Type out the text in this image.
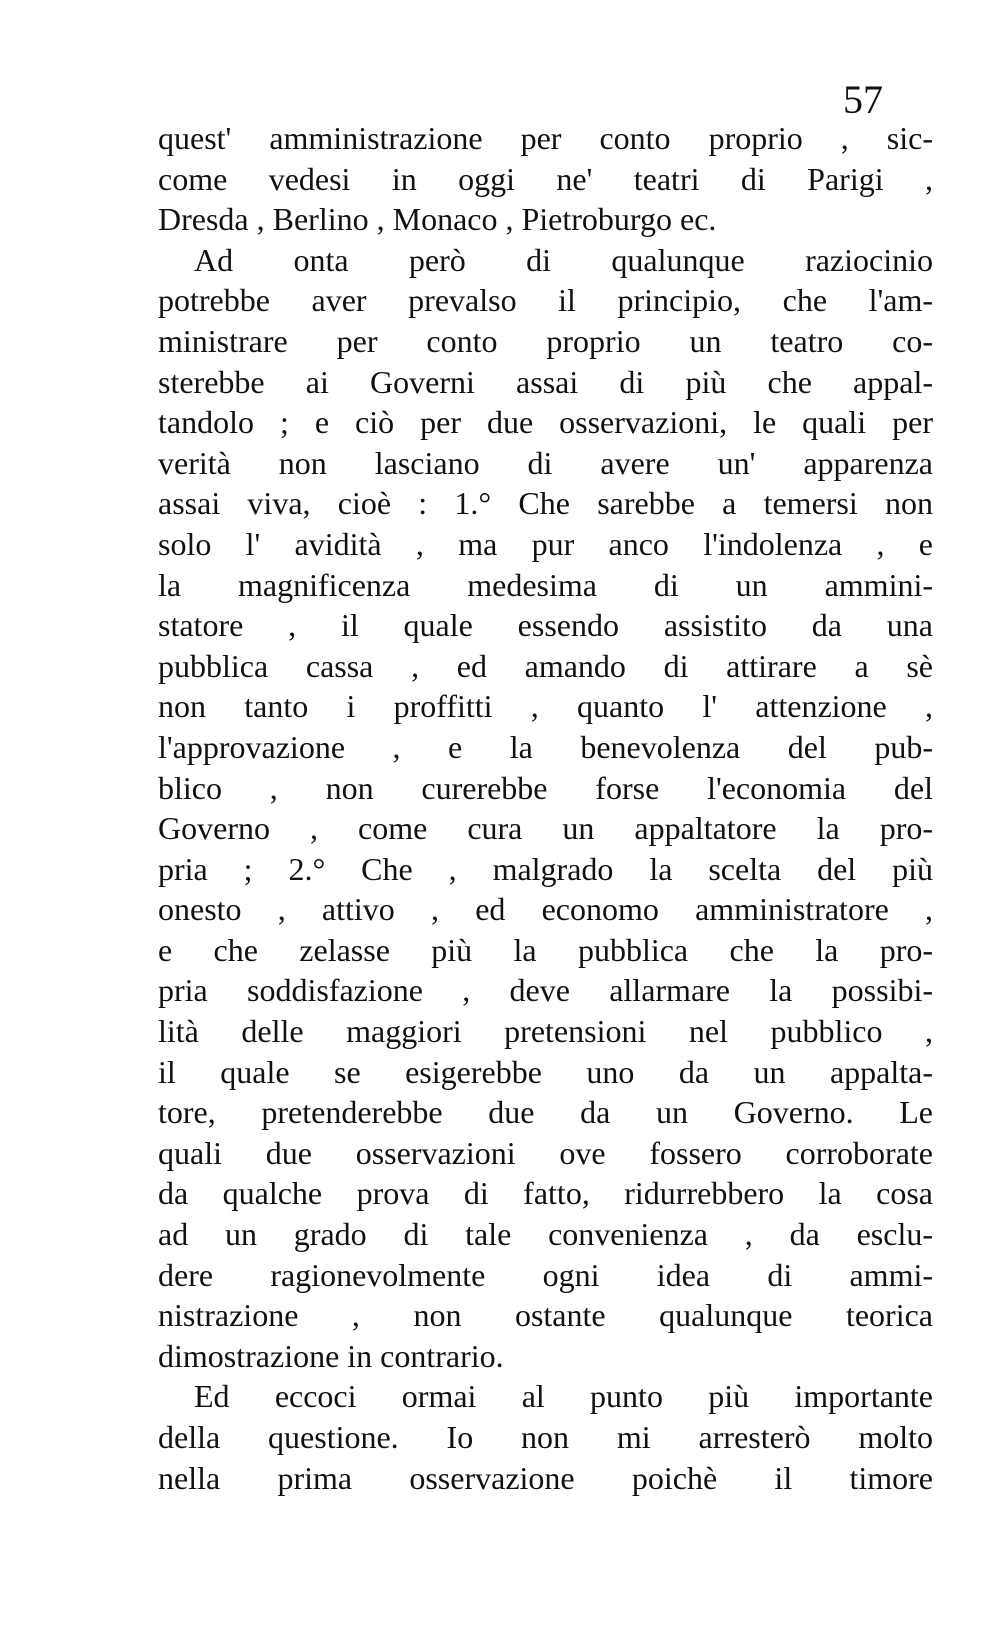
57
quest' amministrazione per conto proprio , sic-
come vedesi in oggi ne' teatri di Parigi ,
Dresda , Berlino , Monaco , Pietroburgo ec.
Ad onta però di qualunque raziocinio
potrebbe aver prevalso il principio, che l'am-
ministrare per conto proprio un teatro co-
sterebbe ai Governi assai di più che appal-
tandolo ; e ciò per due osservazioni, le quali per
verità non lasciano di avere un' apparenza
assai viva, cioè : 1.° Che sarebbe a temersi non
solo l' avidità , ma pur anco l'indolenza , e
la magnificenza medesima di un ammini-
statore , il quale essendo assistito da una
pubblica cassa , ed amando di attirare a sè
non tanto i proffitti , quanto l' attenzione ,
l'approvazione , e la benevolenza del pub-
blico , non curerebbe forse l'economia del
Governo , come cura un appaltatore la pro-
pria ; 2.° Che , malgrado la scelta del più
onesto , attivo , ed economo amministratore ,
e che zelasse più la pubblica che la pro-
pria soddisfazione , deve allarmare la possibi-
lità delle maggiori pretensioni nel pubblico ,
il quale se esigerebbe uno da un appalta-
tore, pretenderebbe due da un Governo. Le
quali due osservazioni ove fossero corroborate
da qualche prova di fatto, ridurrebbero la cosa
ad un grado di tale convenienza , da esclu-
dere ragionevolmente ogni idea di ammi-
nistrazione , non ostante qualunque teorica
dimostrazione in contrario.
Ed eccoci ormai al punto più importante
della questione. Io non mi arresterò molto
nella prima osservazione poichè il timore
